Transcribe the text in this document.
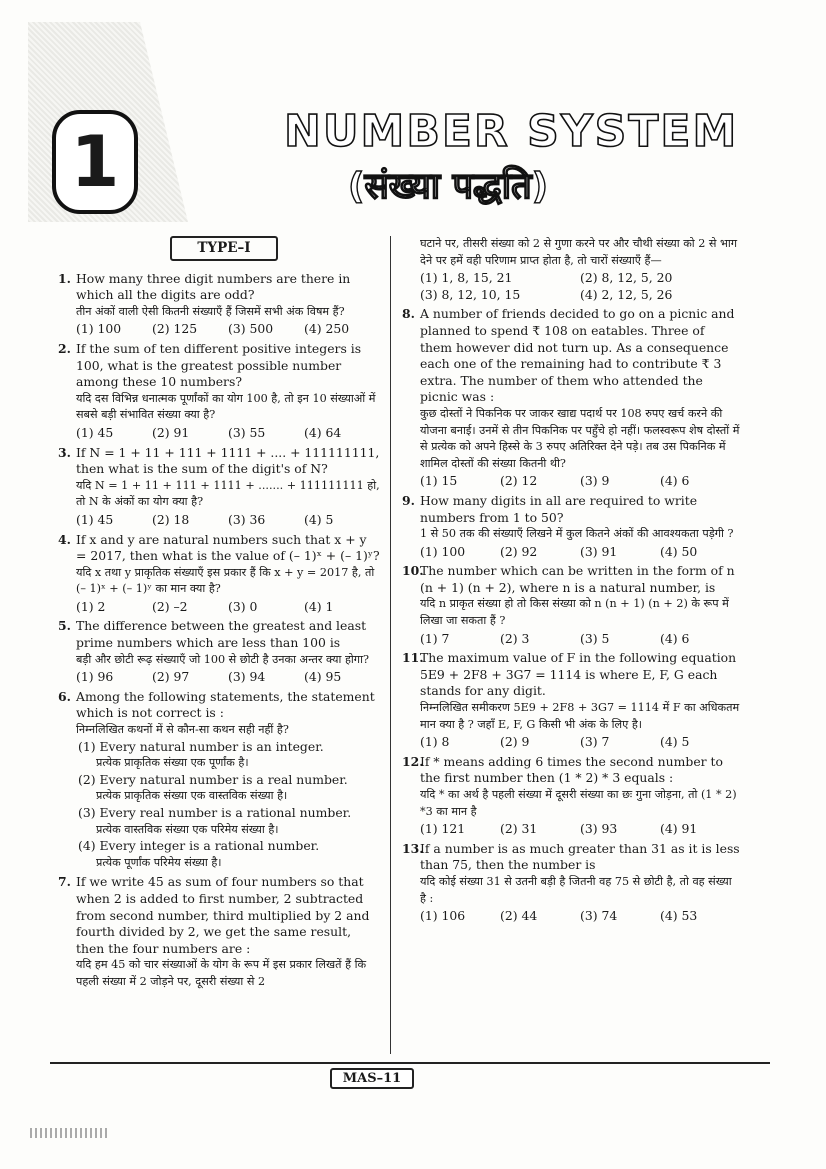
1	NUMBER SYSTEM
(संख्या पद्धति)
TYPE–I
1. How many three digit numbers are there in which all the digits are odd?
तीन अंकों वाली ऐसी कितनी संख्याएँ हैं जिसमें सभी अंक विषम हैं?
(1) 100	(2) 125	(3) 500	(4) 250
2. If the sum of ten different positive integers is 100, what is the greatest possible number among these 10 numbers?
यदि दस विभिन्न धनात्मक पूर्णांकों का योग 100 है, तो इन 10 संख्याओं में सबसे बड़ी संभावित संख्या क्या है?
(1) 45	(2) 91	(3) 55	(4) 64
3. If N = 1 + 11 + 111 + 1111 + .... + 111111111, then what is the sum of the digit's of N?
यदि N = 1 + 11 + 111 + 1111 + ....... + 111111111 हो, तो N के अंकों का योग क्या है?
(1) 45	(2) 18	(3) 36	(4) 5
4. If x and y are natural numbers such that x + y = 2017, then what is the value of (– 1)ˣ + (– 1)ʸ?
यदि x तथा y प्राकृतिक संख्याएँ इस प्रकार हैं कि x + y = 2017 है, तो (– 1)ˣ + (– 1)ʸ का मान क्या है?
(1) 2	(2) –2	(3) 0	(4) 1
5. The difference between the greatest and least prime numbers which are less than 100 is
बड़ी और छोटी रूढ़ संख्याएँ जो 100 से छोटी है उनका अन्तर क्या होगा?
(1) 96	(2) 97	(3) 94	(4) 95
6. Among the following statements, the statement which is not correct is :
निम्नलिखित कथनों में से कौन-सा कथन सही नहीं है?
(1) Every natural number is an integer.
प्रत्येक प्राकृतिक संख्या एक पूर्णांक है।
(2) Every natural number is a real number.
प्रत्येक प्राकृतिक संख्या एक वास्तविक संख्या है।
(3) Every real number is a rational number.
प्रत्येक वास्तविक संख्या एक परिमेय संख्या है।
(4) Every integer is a rational number.
प्रत्येक पूर्णांक परिमेय संख्या है।
7. If we write 45 as sum of four numbers so that when 2 is added to first number, 2 subtracted from second number, third multiplied by 2 and fourth divided by 2, we get the same result, then the four numbers are :
यदि हम 45 को चार संख्याओं के योग के रूप में इस प्रकार लिखतें हैं कि पहली संख्या में 2 जोड़ने पर, दूसरी संख्या से 2
घटाने पर, तीसरी संख्या को 2 से गुणा करने पर और चौथी संख्या को 2 से भाग देने पर हमें वही परिणाम प्राप्त होता है, तो चारों संख्याएँ हैं—
(1) 1, 8, 15, 21	(2) 8, 12, 5, 20
(3) 8, 12, 10, 15	(4) 2, 12, 5, 26
8. A number of friends decided to go on a picnic and planned to spend ₹ 108 on eatables. Three of them however did not turn up. As a consequence each one of the remaining had to contribute ₹ 3 extra. The number of them who attended the picnic was :
कुछ दोस्तों ने पिकनिक पर जाकर खाद्य पदार्थ पर 108 रुपए खर्च करने की योजना बनाई। उनमें से तीन पिकनिक पर पहुँचे हो नहीं। फलस्वरूप शेष दोस्तों में से प्रत्येक को अपने हिस्से के 3 रुपए अतिरिक्त देने पड़े। तब उस पिकनिक में शामिल दोस्तों की संख्या कितनी थी?
(1) 15	(2) 12	(3) 9	(4) 6
9. How many digits in all are required to write numbers from 1 to 50?
1 से 50 तक की संख्याएँ लिखने में कुल कितने अंकों की आवश्यकता पड़ेगी ?
(1) 100	(2) 92	(3) 91	(4) 50
10.
The number which can be written in the form of n (n + 1) (n + 2), where n is a natural number, is
यदि n प्राकृत संख्या हो तो किस संख्या को n (n + 1) (n + 2) के रूप में लिखा जा सकता हैं ?
(1) 7	(2) 3	(3) 5	(4) 6
11.
The maximum value of F in the following equation 5E9 + 2F8 + 3G7 = 1114 is where E, F, G each stands for any digit.
निम्नलिखित समीकरण 5E9 + 2F8 + 3G7 = 1114 में F का अधिकतम मान क्या है ? जहाँ E, F, G किसी भी अंक के लिए है।
(1) 8	(2) 9	(3) 7	(4) 5
12.
If * means adding 6 times the second number to the first number then (1 * 2) * 3 equals :
यदि * का अर्थ है पहली संख्या में दूसरी संख्या का छः गुना जोड़ना, तो (1 * 2) *3 का मान है
(1) 121	(2) 31	(3) 93	(4) 91
13.
If a number is as much greater than 31 as it is less than 75, then the number is
यदि कोई संख्या 31 से उतनी बड़ी है जितनी वह 75 से छोटी है, तो वह संख्या है :
(1) 106	(2) 44	(3) 74	(4) 53
MAS–11
